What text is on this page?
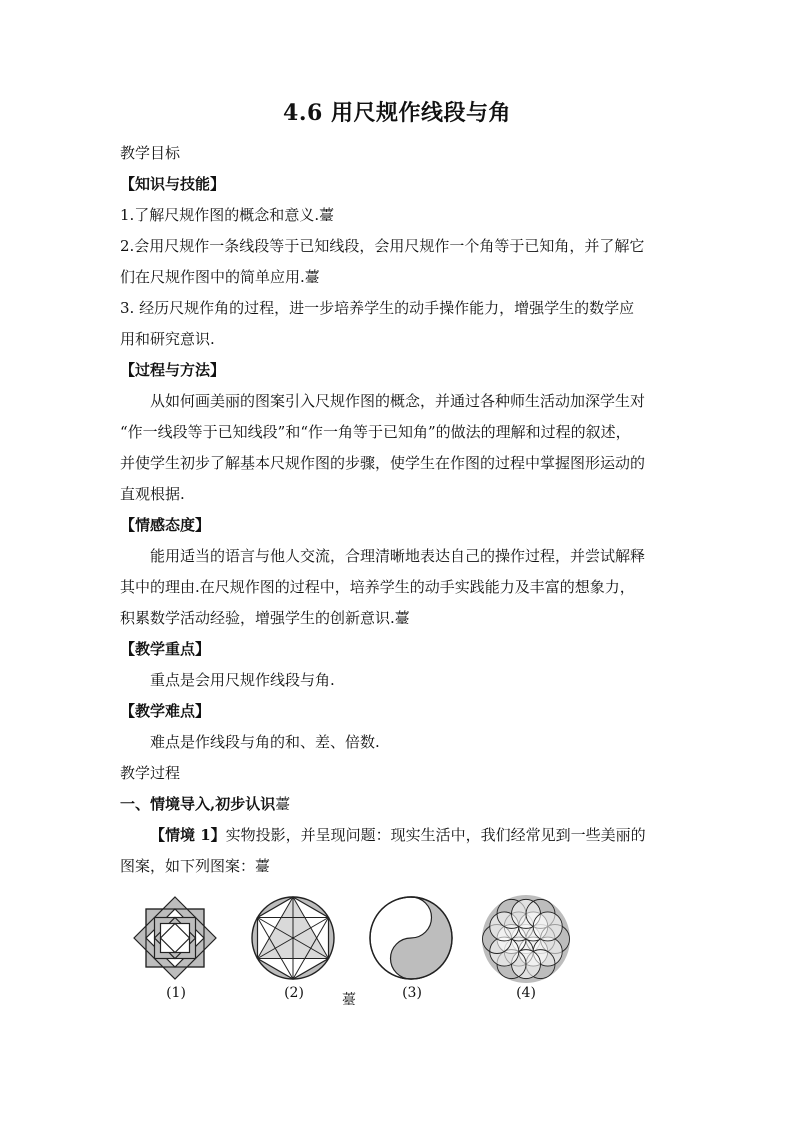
4.6 用尺规作线段与角
教学目标
【知识与技能】
1.了解尺规作图的概念和意义.薹
2.会用尺规作一条线段等于已知线段，会用尺规作一个角等于已知角，并了解它
们在尺规作图中的简单应用.薹
3. 经历尺规作角的过程，进一步培养学生的动手操作能力，增强学生的数学应
用和研究意识.
【过程与方法】
从如何画美丽的图案引入尺规作图的概念，并通过各种师生活动加深学生对
“作一线段等于已知线段”和“作一角等于已知角”的做法的理解和过程的叙述，
并使学生初步了解基本尺规作图的步骤，使学生在作图的过程中掌握图形运动的
直观根据.
【情感态度】
能用适当的语言与他人交流，合理清晰地表达自己的操作过程，并尝试解释
其中的理由.在尺规作图的过程中，培养学生的动手实践能力及丰富的想象力，
积累数学活动经验，增强学生的创新意识.薹
【教学重点】
重点是会用尺规作线段与角.
【教学难点】
难点是作线段与角的和、差、倍数.
教学过程
一、情境导入,初步认识薹
【情境 1】实物投影，并呈现问题：现实生活中，我们经常见到一些美丽的
图案，如下列图案：薹
(1)	(2)	薹	(3)	(4)
